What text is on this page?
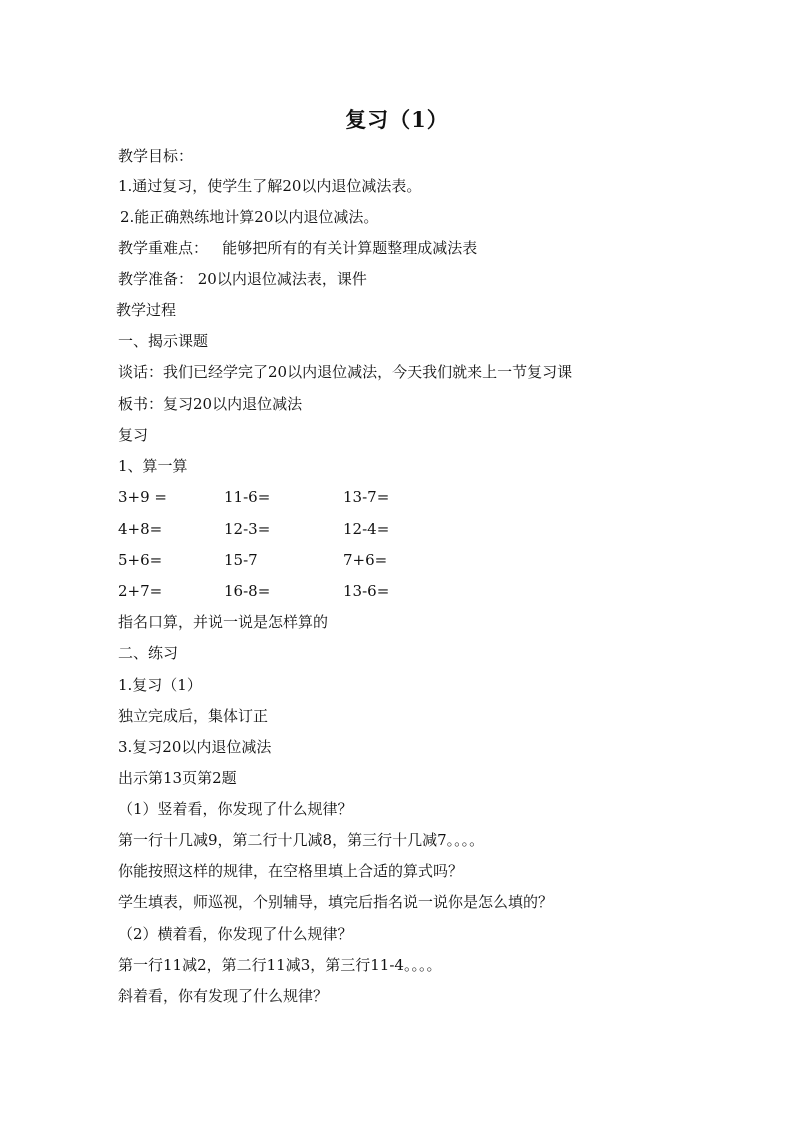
复习（1）
教学目标：
1.通过复习，使学生了解20以内退位减法表。
2.能正确熟练地计算20以内退位减法。
教学重难点：   能够把所有的有关计算题整理成减法表
教学准备： 20以内退位减法表，课件
教学过程
一、揭示课题
谈话：我们已经学完了20以内退位减法，今天我们就来上一节复习课
板书：复习20以内退位减法
复习
1、算一算
3+9 =	11-6=	13-7=
4+8=	12-3=	12-4=
5+6=	15-7	7+6=
2+7=	16-8=	13-6=
指名口算，并说一说是怎样算的
二、练习
1.复习（1）
独立完成后，集体订正
3.复习20以内退位减法
出示第13页第2题
（1）竖着看，你发现了什么规律？
第一行十几减9，第二行十几减8，第三行十几减7。。。。
你能按照这样的规律，在空格里填上合适的算式吗？
学生填表，师巡视，个别辅导，填完后指名说一说你是怎么填的？
（2）横着看，你发现了什么规律？
第一行11减2，第二行11减3，第三行11-4。。。。
斜着看，你有发现了什么规律？
